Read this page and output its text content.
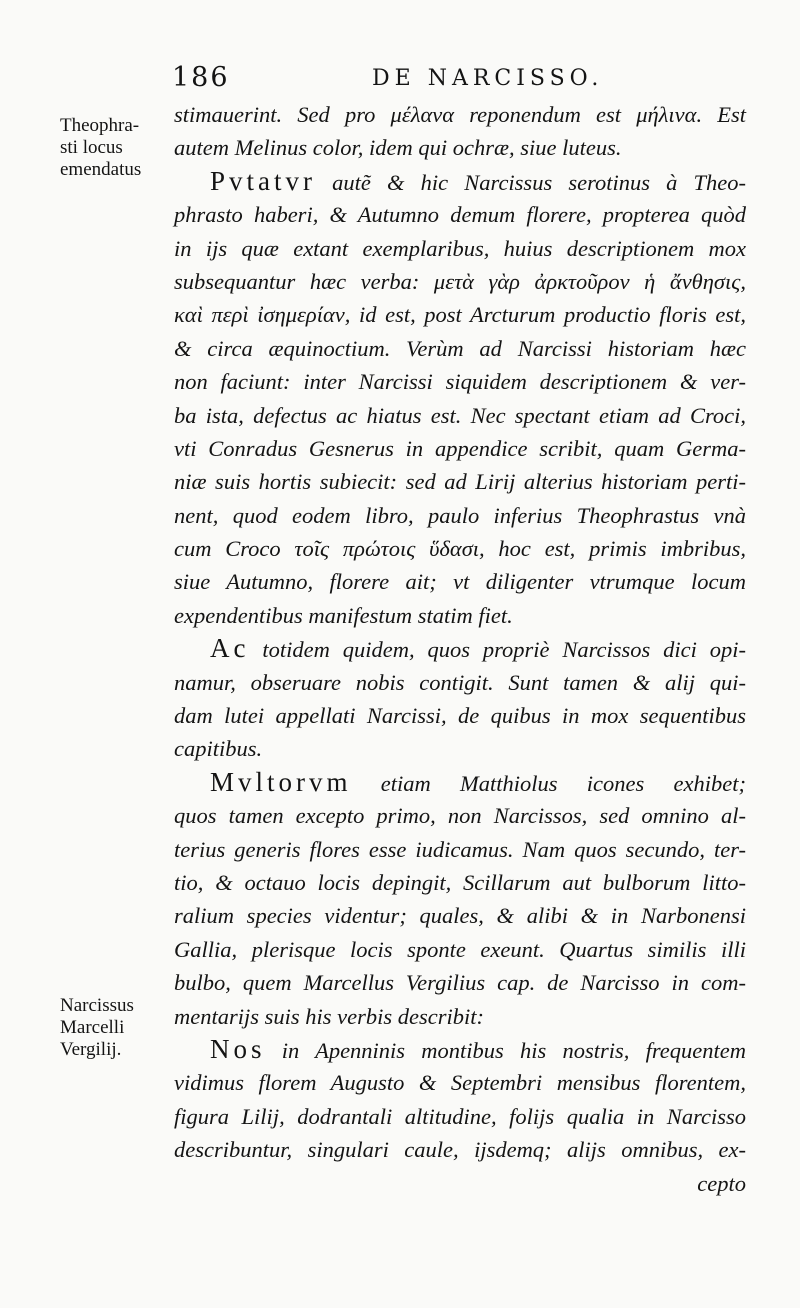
186	DE NARCISSO.
Theophra-
sti locus
emendatus
Narcissus
Marcelli
Vergilij.
stimauerint. Sed pro μέλανα reponendum est μήλινα. Est
autem Melinus color, idem qui ochræ, siue luteus.
Pvtatvr autẽ & hic Narcissus serotinus à Theo-
phrasto haberi, & Autumno demum florere, propterea quòd
in ijs quæ extant exemplaribus, huius descriptionem mox
subsequantur hæc verba: μετὰ γὰρ ἀρκτοῦρον ἡ ἄνθησις,
καὶ περὶ ἰσημερίαν, id est, post Arcturum productio floris est,
& circa æquinoctium. Verùm ad Narcissi historiam hæc
non faciunt: inter Narcissi siquidem descriptionem & ver-
ba ista, defectus ac hiatus est. Nec spectant etiam ad Croci,
vti Conradus Gesnerus in appendice scribit, quam Germa-
niæ suis hortis subiecit: sed ad Lirij alterius historiam perti-
nent, quod eodem libro, paulo inferius Theophrastus vnà
cum Croco τοῖς πρώτοις ὕδασι, hoc est, primis imbribus,
siue Autumno, florere ait; vt diligenter vtrumque locum
expendentibus manifestum statim fiet.
Ac totidem quidem, quos propriè Narcissos dici opi-
namur, obseruare nobis contigit. Sunt tamen & alij qui-
dam lutei appellati Narcissi, de quibus in mox sequentibus
capitibus.
Mvltorvm etiam Matthiolus icones exhibet;
quos tamen excepto primo, non Narcissos, sed omnino al-
terius generis flores esse iudicamus. Nam quos secundo, ter-
tio, & octauo locis depingit, Scillarum aut bulborum litto-
ralium species videntur; quales, & alibi & in Narbonensi
Gallia, plerisque locis sponte exeunt. Quartus similis illi
bulbo, quem Marcellus Vergilius cap. de Narcisso in com-
mentarijs suis his verbis describit:
Nos in Apenninis montibus his nostris, frequentem
vidimus florem Augusto & Septembri mensibus florentem,
figura Lilij, dodrantali altitudine, folijs qualia in Narcisso
describuntur, singulari caule, ijsdemq; alijs omnibus, ex-
cepto
